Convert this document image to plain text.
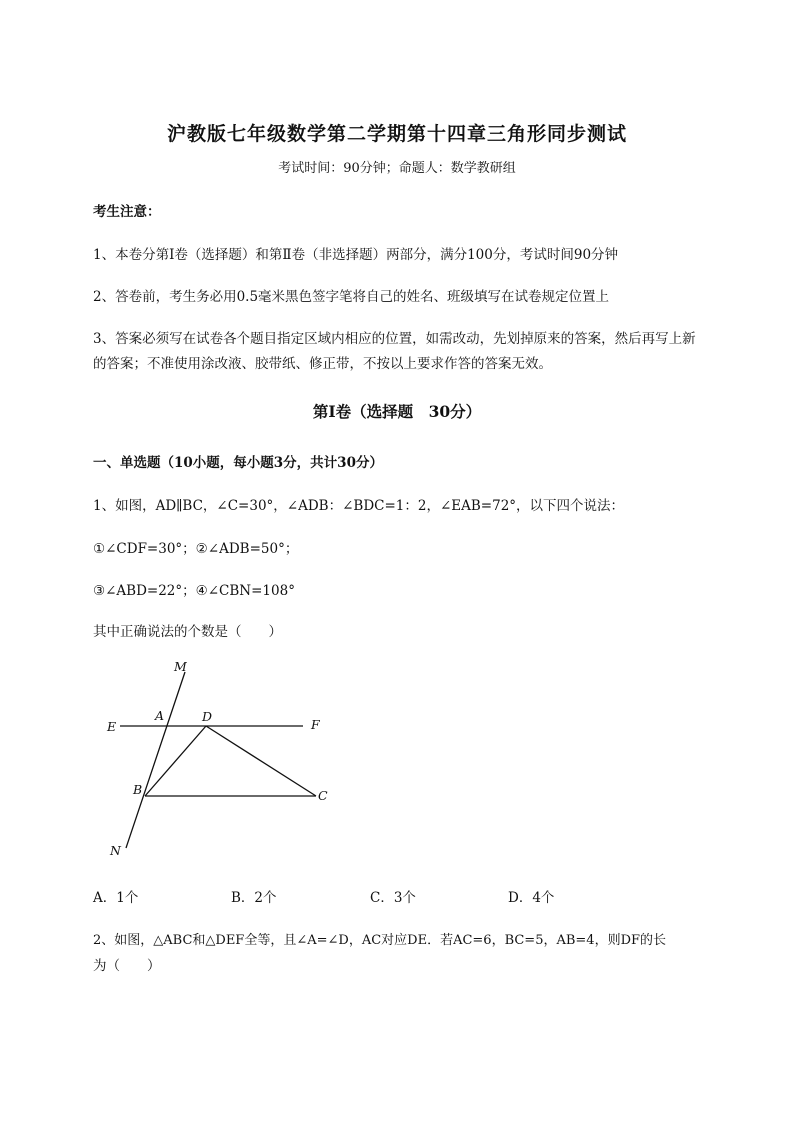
沪教版七年级数学第二学期第十四章三角形同步测试
考试时间：90分钟；命题人：数学教研组
考生注意：
1、本卷分第Ⅰ卷（选择题）和第Ⅱ卷（非选择题）两部分，满分100分，考试时间90分钟
2、答卷前，考生务必用0.5毫米黑色签字笔将自己的姓名、班级填写在试卷规定位置上
3、答案必须写在试卷各个题目指定区域内相应的位置，如需改动，先划掉原来的答案，然后再写上新
的答案；不准使用涂改液、胶带纸、修正带，不按以上要求作答的答案无效。
第Ⅰ卷（选择题　30分）
一、单选题（10小题，每小题3分，共计30分）
1、如图，AD∥BC，∠C=30°，∠ADB：∠BDC=1：2，∠EAB=72°，以下四个说法：
①∠CDF=30°；②∠ADB=50°；
③∠ABD=22°；④∠CBN=108°
其中正确说法的个数是（　　）
M
A	D
E	F
B	C
N
A．1个	B．2个	C．3个	D．4个
2、如图，△ABC和△DEF全等，且∠A=∠D，AC对应DE．若AC=6，BC=5，AB=4，则DF的长
为（　　）
